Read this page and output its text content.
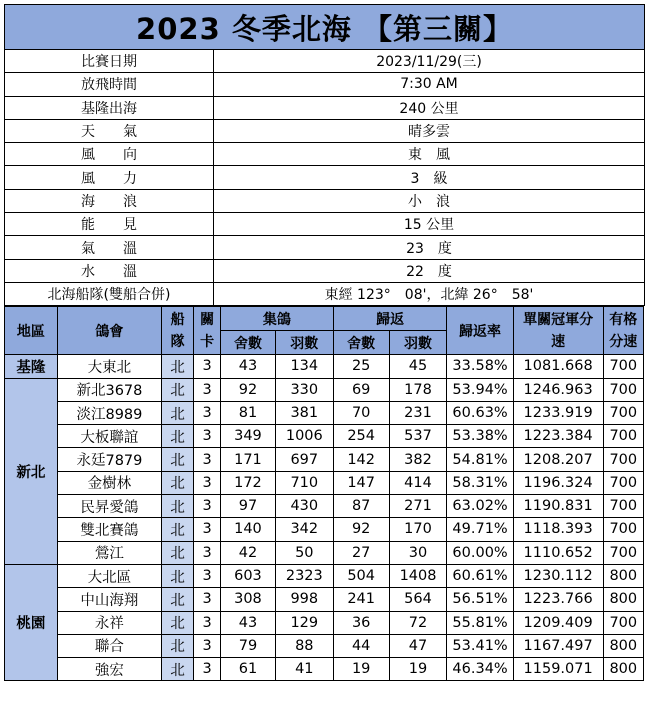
2023 冬季北海 【第三關】	
比賽日期	2023/11/29(三)
放飛時間	7:30 AM
基隆出海	240 公里
天　　氣	晴多雲
風　　向	東　風
風　　力	3　級
海　　浪	小　浪
能　　見	15 公里
氣　　溫	23　度
水　　溫	22　度
北海船隊(雙船合併)	東經 123°　08'，北緯 26°　58'
地區	鴿會	船隊	關卡	集鴿		歸返		歸返率	單關冠軍分速	有格分速
				舍數	羽數	舍數	羽數			
基隆	大東北	北	3	43	134	25	45	33.58%	1081.668	700
新北	新北3678	北	3	92	330	69	178	53.94%	1246.963	700
	淡江8989	北	3	81	381	70	231	60.63%	1233.919	700
	大板聯誼	北	3	349	1006	254	537	53.38%	1223.384	700
	永廷7879	北	3	171	697	142	382	54.81%	1208.207	700
	金樹林	北	3	172	710	147	414	58.31%	1196.324	700
	民昇愛鴿	北	3	97	430	87	271	63.02%	1190.831	700
	雙北賽鴿	北	3	140	342	92	170	49.71%	1118.393	700
	鶯江	北	3	42	50	27	30	60.00%	1110.652	700
桃園	大北區	北	3	603	2323	504	1408	60.61%	1230.112	800
	中山海翔	北	3	308	998	241	564	56.51%	1223.766	800
	永祥	北	3	43	129	36	72	55.81%	1209.409	700
	聯合	北	3	79	88	44	47	53.41%	1167.497	800
	強宏	北	3	61	41	19	19	46.34%	1159.071	800
